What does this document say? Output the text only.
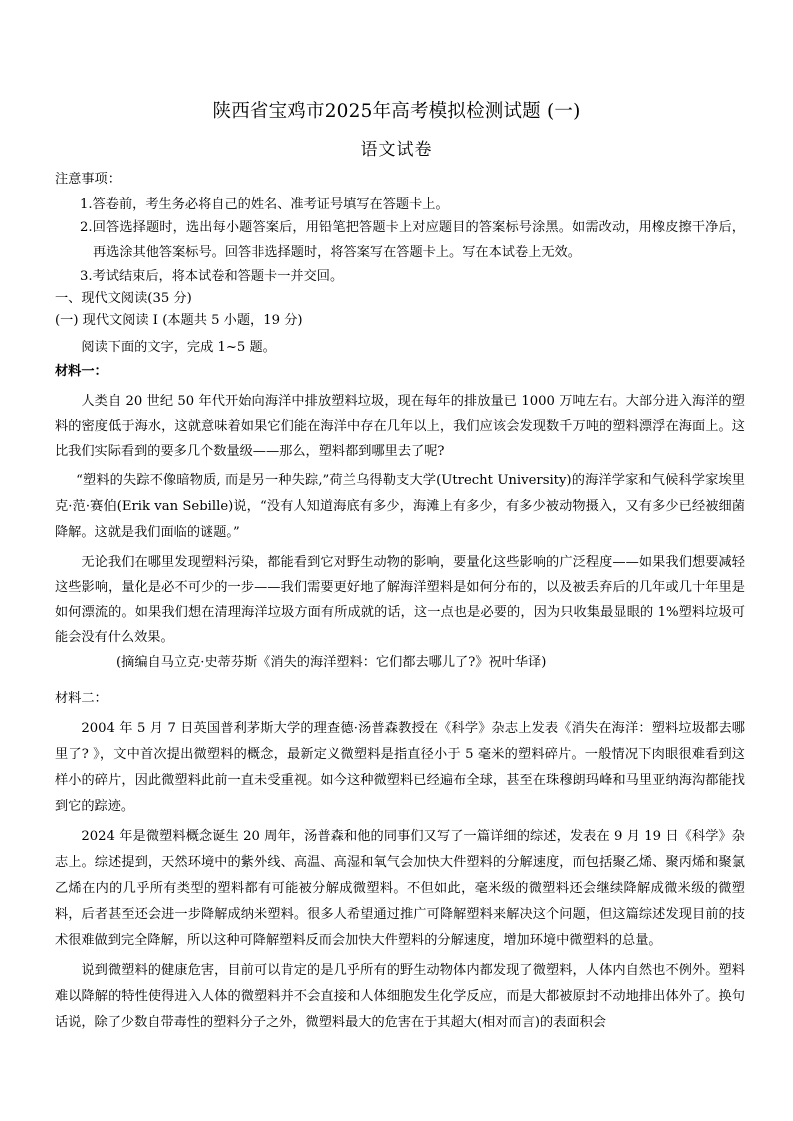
陕西省宝鸡市2025年高考模拟检测试题 (一)
语文试卷

注意事项：

1.答卷前，考生务必将自己的姓名、准考证号填写在答题卡上。

2.回答选择题时，选出每小题答案后，用铅笔把答题卡上对应题目的答案标号涂黑。如需改动，用橡皮擦干净后，再选涂其他答案标号。回答非选择题时，将答案写在答题卡上。写在本试卷上无效。

3.考试结束后，将本试卷和答题卡一并交回。

一、现代文阅读(35 分)

(一) 现代文阅读 I (本题共 5 小题，19 分)

阅读下面的文字，完成 1~5 题。

材料一：

人类自 20 世纪 50 年代开始向海洋中排放塑料垃圾，现在每年的排放量已 1000 万吨左右。大部分进入海洋的塑料的密度低于海水，这就意味着如果它们能在海洋中存在几年以上，我们应该会发现数千万吨的塑料漂浮在海面上。这比我们实际看到的要多几个数量级——那么，塑料都到哪里去了呢?

“塑料的失踪不像暗物质, 而是另一种失踪,”荷兰乌得勒支大学(Utrecht University)的海洋学家和气候科学家埃里克·范·赛伯(Erik van Sebille)说，“没有人知道海底有多少，海滩上有多少，有多少被动物摄入，又有多少已经被细菌降解。这就是我们面临的谜题。”

无论我们在哪里发现塑料污染，都能看到它对野生动物的影响，要量化这些影响的广泛程度——如果我们想要减轻这些影响，量化是必不可少的一步——我们需要更好地了解海洋塑料是如何分布的，以及被丢弃后的几年或几十年里是如何漂流的。如果我们想在清理海洋垃圾方面有所成就的话，这一点也是必要的，因为只收集最显眼的 1%塑料垃圾可能会没有什么效果。

(摘编自马立克·史蒂芬斯《消失的海洋塑料：它们都去哪儿了?》祝叶华译)

材料二：

2004 年 5 月 7 日英国普利茅斯大学的理查德·汤普森教授在《科学》杂志上发表《消失在海洋：塑料垃圾都去哪里了? 》，文中首次提出微塑料的概念，最新定义微塑料是指直径小于 5 毫米的塑料碎片。一般情况下肉眼很难看到这样小的碎片，因此微塑料此前一直未受重视。如今这种微塑料已经遍布全球，甚至在珠穆朗玛峰和马里亚纳海沟都能找到它的踪迹。

2024 年是微塑料概念诞生 20 周年，汤普森和他的同事们又写了一篇详细的综述，发表在 9 月 19 日《科学》杂志上。综述提到，天然环境中的紫外线、高温、高湿和氧气会加快大件塑料的分解速度，而包括聚乙烯、聚丙烯和聚氯乙烯在内的几乎所有类型的塑料都有可能被分解成微塑料。不但如此，毫米级的微塑料还会继续降解成微米级的微塑料，后者甚至还会进一步降解成纳米塑料。很多人希望通过推广可降解塑料来解决这个问题，但这篇综述发现目前的技术很难做到完全降解，所以这种可降解塑料反而会加快大件塑料的分解速度，增加环境中微塑料的总量。

说到微塑料的健康危害，目前可以肯定的是几乎所有的野生动物体内都发现了微塑料，人体内自然也不例外。塑料难以降解的特性使得进入人体的微塑料并不会直接和人体细胞发生化学反应，而是大都被原封不动地排出体外了。换句话说，除了少数自带毒性的塑料分子之外，微塑料最大的危害在于其超大(相对而言)的表面积会
